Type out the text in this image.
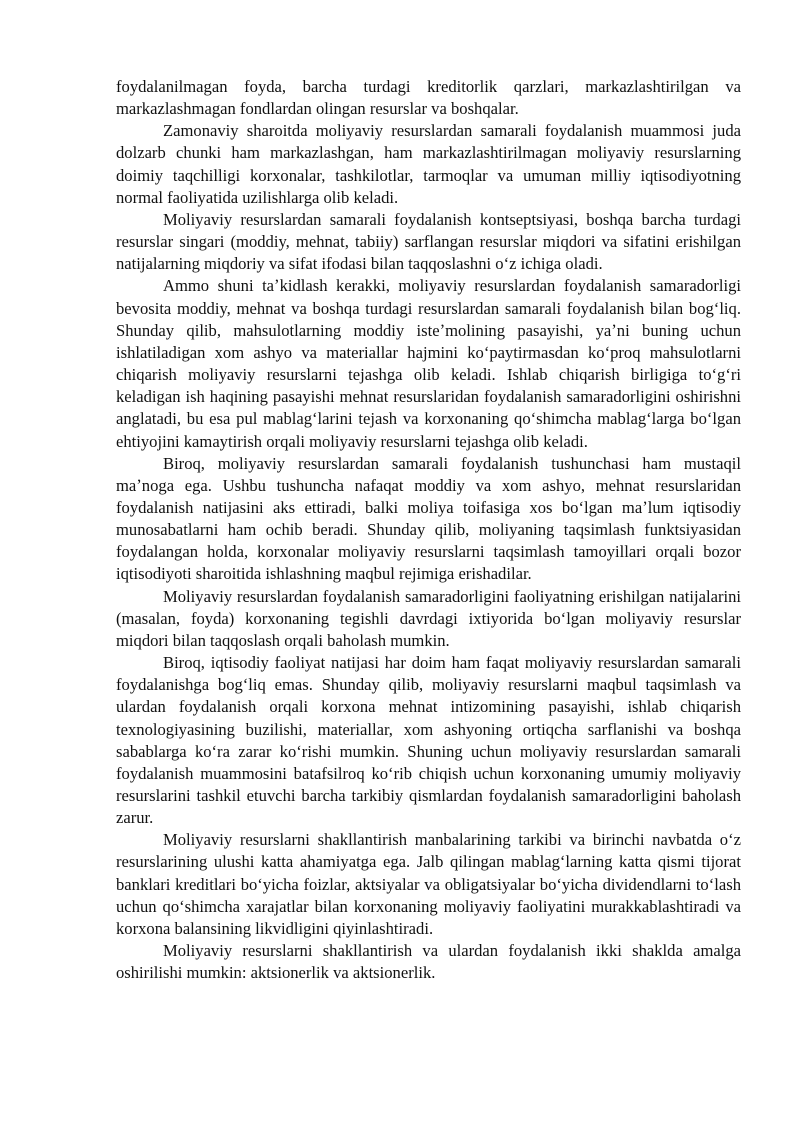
foydalanilmagan foyda, barcha turdagi kreditorlik qarzlari, markazlashtirilgan va markazlashmagan fondlardan olingan resurslar va boshqalar.

Zamonaviy sharoitda moliyaviy resurslardan samarali foydalanish muammosi juda dolzarb chunki ham markazlashgan, ham markazlashtirilmagan moliyaviy resurslarning doimiy taqchilligi korxonalar, tashkilotlar, tarmoqlar va umuman milliy iqtisodiyotning normal faoliyatida uzilishlarga olib keladi.

Moliyaviy resurslardan samarali foydalanish kontseptsiyasi, boshqa barcha turdagi resurslar singari (moddiy, mehnat, tabiiy) sarflangan resurslar miqdori va sifatini erishilgan natijalarning miqdoriy va sifat ifodasi bilan taqqoslashni oʻz ichiga oladi.

Ammo shuni taʼkidlash kerakki, moliyaviy resurslardan foydalanish samaradorligi bevosita moddiy, mehnat va boshqa turdagi resurslardan samarali foydalanish bilan bogʻliq. Shunday qilib, mahsulotlarning moddiy isteʼmolining pasayishi, yaʼni buning uchun ishlatiladigan xom ashyo va materiallar hajmini koʻpaytirmasdan koʻproq mahsulotlarni chiqarish moliyaviy resurslarni tejashga olib keladi. Ishlab chiqarish birligiga toʻgʻri keladigan ish haqining pasayishi mehnat resurslaridan foydalanish samaradorligini oshirishni anglatadi, bu esa pul mablagʻlarini tejash va korxonaning qoʻshimcha mablagʻlarga boʻlgan ehtiyojini kamaytirish orqali moliyaviy resurslarni tejashga olib keladi.

Biroq, moliyaviy resurslardan samarali foydalanish tushunchasi ham mustaqil maʼnoga ega. Ushbu tushuncha nafaqat moddiy va xom ashyo, mehnat resurslaridan foydalanish natijasini aks ettiradi, balki moliya toifasiga xos boʻlgan maʼlum iqtisodiy munosabatlarni ham ochib beradi. Shunday qilib, moliyaning taqsimlash funktsiyasidan foydalangan holda, korxonalar moliyaviy resurslarni taqsimlash tamoyillari orqali bozor iqtisodiyoti sharoitida ishlashning maqbul rejimiga erishadilar.

Moliyaviy resurslardan foydalanish samaradorligini faoliyatning erishilgan natijalarini (masalan, foyda) korxonaning tegishli davrdagi ixtiyorida boʻlgan moliyaviy resurslar miqdori bilan taqqoslash orqali baholash mumkin.

Biroq, iqtisodiy faoliyat natijasi har doim ham faqat moliyaviy resurslardan samarali foydalanishga bogʻliq emas. Shunday qilib, moliyaviy resurslarni maqbul taqsimlash va ulardan foydalanish orqali korxona mehnat intizomining pasayishi, ishlab chiqarish texnologiyasining buzilishi, materiallar, xom ashyoning ortiqcha sarflanishi va boshqa sabablarga koʻra zarar koʻrishi mumkin. Shuning uchun moliyaviy resurslardan samarali foydalanish muammosini batafsilroq koʻrib chiqish uchun korxonaning umumiy moliyaviy resurslarini tashkil etuvchi barcha tarkibiy qismlardan foydalanish samaradorligini baholash zarur.

Moliyaviy resurslarni shakllantirish manbalarining tarkibi va birinchi navbatda oʻz resurslarining ulushi katta ahamiyatga ega. Jalb qilingan mablagʻlarning katta qismi tijorat banklari kreditlari boʻyicha foizlar, aktsiyalar va obligatsiyalar boʻyicha dividendlarni toʻlash uchun qoʻshimcha xarajatlar bilan korxonaning moliyaviy faoliyatini murakkablashtiradi va korxona balansining likvidligini qiyinlashtiradi.

Moliyaviy resurslarni shakllantirish va ulardan foydalanish ikki shaklda amalga oshirilishi mumkin: aktsionerlik va aktsionerlik.
